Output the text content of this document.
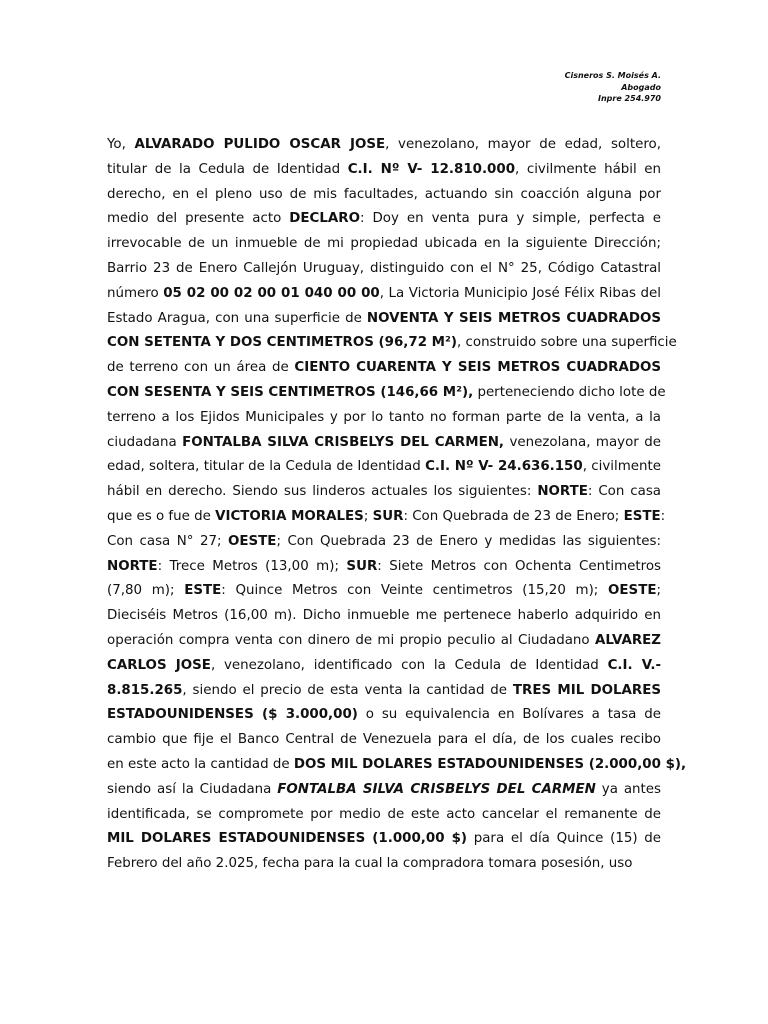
Cisneros S. Moisés A.
Abogado
Inpre 254.970
Yo, ALVARADO PULIDO OSCAR JOSE, venezolano, mayor de edad, soltero,
titular de la Cedula de Identidad C.I. Nº V- 12.810.000, civilmente hábil en
derecho, en el pleno uso de mis facultades, actuando sin coacción alguna por
medio del presente acto DECLARO: Doy en venta pura y simple, perfecta e
irrevocable de un inmueble de mi propiedad ubicada en la siguiente Dirección;
Barrio 23 de Enero Callejón Uruguay, distinguido con el N° 25, Código Catastral
número 05 02 00 02 00 01 040 00 00, La Victoria Municipio José Félix Ribas del
Estado Aragua, con una superficie de NOVENTA Y SEIS METROS CUADRADOS
CON SETENTA Y DOS CENTIMETROS (96,72 M²), construido sobre una superficie
de terreno con un área de CIENTO CUARENTA Y SEIS METROS CUADRADOS
CON SESENTA Y SEIS CENTIMETROS (146,66 M²), perteneciendo dicho lote de
terreno a los Ejidos Municipales y por lo tanto no forman parte de la venta, a la
ciudadana FONTALBA SILVA CRISBELYS DEL CARMEN, venezolana, mayor de
edad, soltera, titular de la Cedula de Identidad C.I. Nº V- 24.636.150, civilmente
hábil en derecho. Siendo sus linderos actuales los siguientes: NORTE: Con casa
que es o fue de VICTORIA MORALES; SUR: Con Quebrada de 23 de Enero; ESTE:
Con casa N° 27; OESTE; Con Quebrada 23 de Enero y medidas las siguientes:
NORTE: Trece Metros (13,00 m); SUR: Siete Metros con Ochenta Centimetros
(7,80 m); ESTE: Quince Metros con Veinte centimetros (15,20 m); OESTE;
Dieciséis Metros (16,00 m). Dicho inmueble me pertenece haberlo adquirido en
operación compra venta con dinero de mi propio peculio al Ciudadano ALVAREZ
CARLOS JOSE, venezolano, identificado con la Cedula de Identidad C.I. V.-
8.815.265, siendo el precio de esta venta la cantidad de TRES MIL DOLARES
ESTADOUNIDENSES ($ 3.000,00) o su equivalencia en Bolívares a tasa de
cambio que fije el Banco Central de Venezuela para el día, de los cuales recibo
en este acto la cantidad de DOS MIL DOLARES ESTADOUNIDENSES (2.000,00 $),
siendo así la Ciudadana FONTALBA SILVA CRISBELYS DEL CARMEN ya antes
identificada, se compromete por medio de este acto cancelar el remanente de
MIL DOLARES ESTADOUNIDENSES (1.000,00 $) para el día Quince (15) de
Febrero del año 2.025, fecha para la cual la compradora tomara posesión, uso
